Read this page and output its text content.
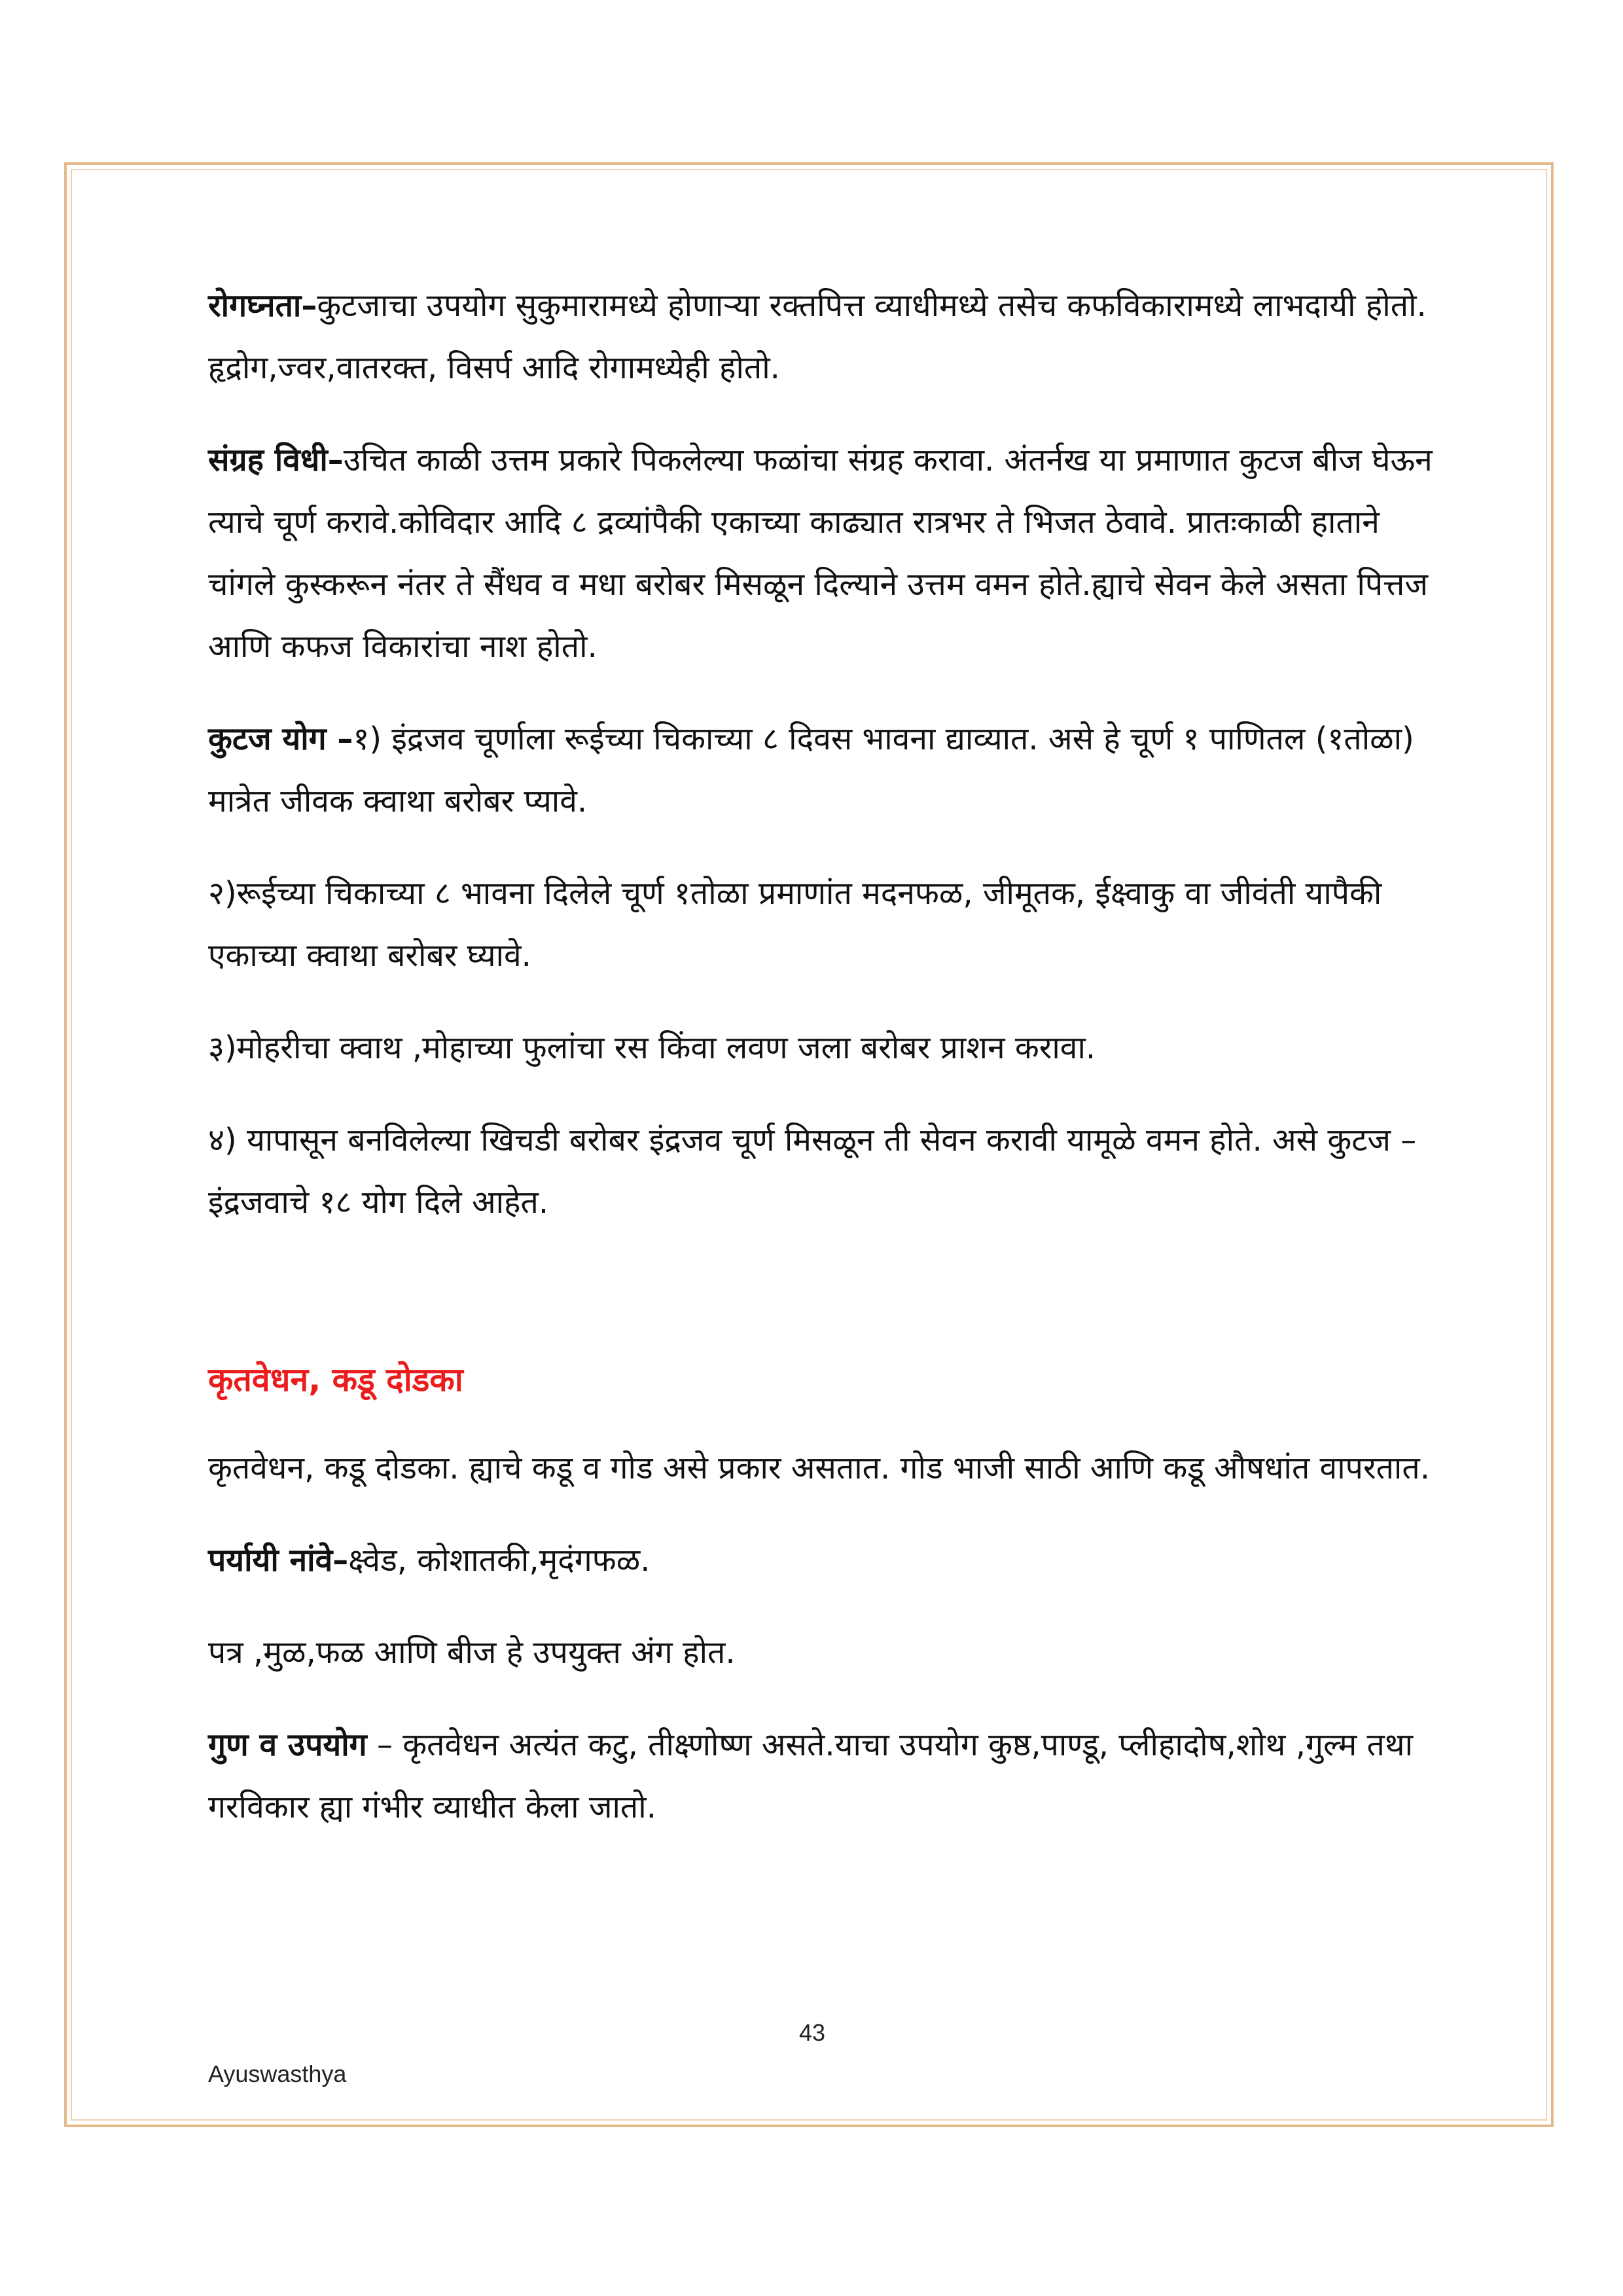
रोगघ्नता–कुटजाचा उपयोग सुकुमारामध्ये होणाऱ्या रक्तपित्त व्याधीमध्ये तसेच कफविकारामध्ये लाभदायी होतो. हृद्रोग,ज्वर,वातरक्त, विसर्प आदि रोगामध्येही होतो.

संग्रह विधी–उचित काळी उत्तम प्रकारे पिकलेल्या फळांचा संग्रह करावा. अंतर्नख या प्रमाणात कुटज बीज घेऊन त्याचे चूर्ण करावे.कोविदार आदि ८ द्रव्यांपैकी एकाच्या काढ्यात रात्रभर ते भिजत ठेवावे. प्रातःकाळी हाताने चांगले कुस्करून नंतर ते सैंधव व मधा बरोबर मिसळून दिल्याने उत्तम वमन होते.ह्याचे सेवन केले असता पित्तज आणि कफज विकारांचा नाश होतो.

कुटज योग –१) इंद्रजव चूर्णाला रूईच्या चिकाच्या ८ दिवस भावना द्याव्यात. असे हे चूर्ण १ पाणितल (१तोळा) मात्रेत जीवक क्वाथा बरोबर प्यावे.

२)रूईच्या चिकाच्या ८ भावना दिलेले चूर्ण १तोळा प्रमाणांत मदनफळ, जीमूतक, ईक्ष्वाकु वा जीवंती यापैकी एकाच्या क्वाथा बरोबर घ्यावे.

३)मोहरीचा क्वाथ ,मोहाच्या फुलांचा रस किंवा लवण जला बरोबर प्राशन करावा.

४) यापासून बनविलेल्या खिचडी बरोबर इंद्रजव चूर्ण मिसळून ती सेवन करावी यामूळे वमन होते. असे कुटज – इंद्रजवाचे १८ योग दिले आहेत.

कृतवेधन, कडू दोडका

कृतवेधन, कडू दोडका. ह्याचे कडू व गोड असे प्रकार असतात. गोड भाजी साठी आणि कडू औषधांत वापरतात.

पर्यायी नांवे–क्ष्वेड, कोशातकी,मृदंगफळ.

पत्र ,मुळ,फळ आणि बीज हे उपयुक्त अंग होत.

गुण व उपयोग – कृतवेधन अत्यंत कटु, तीक्ष्णोष्ण असते.याचा उपयोग कुष्ठ,पाण्डू, प्लीहादोष,शोथ ,गुल्म तथा गरविकार ह्या गंभीर व्याधीत केला जातो.

43
Ayuswasthya
